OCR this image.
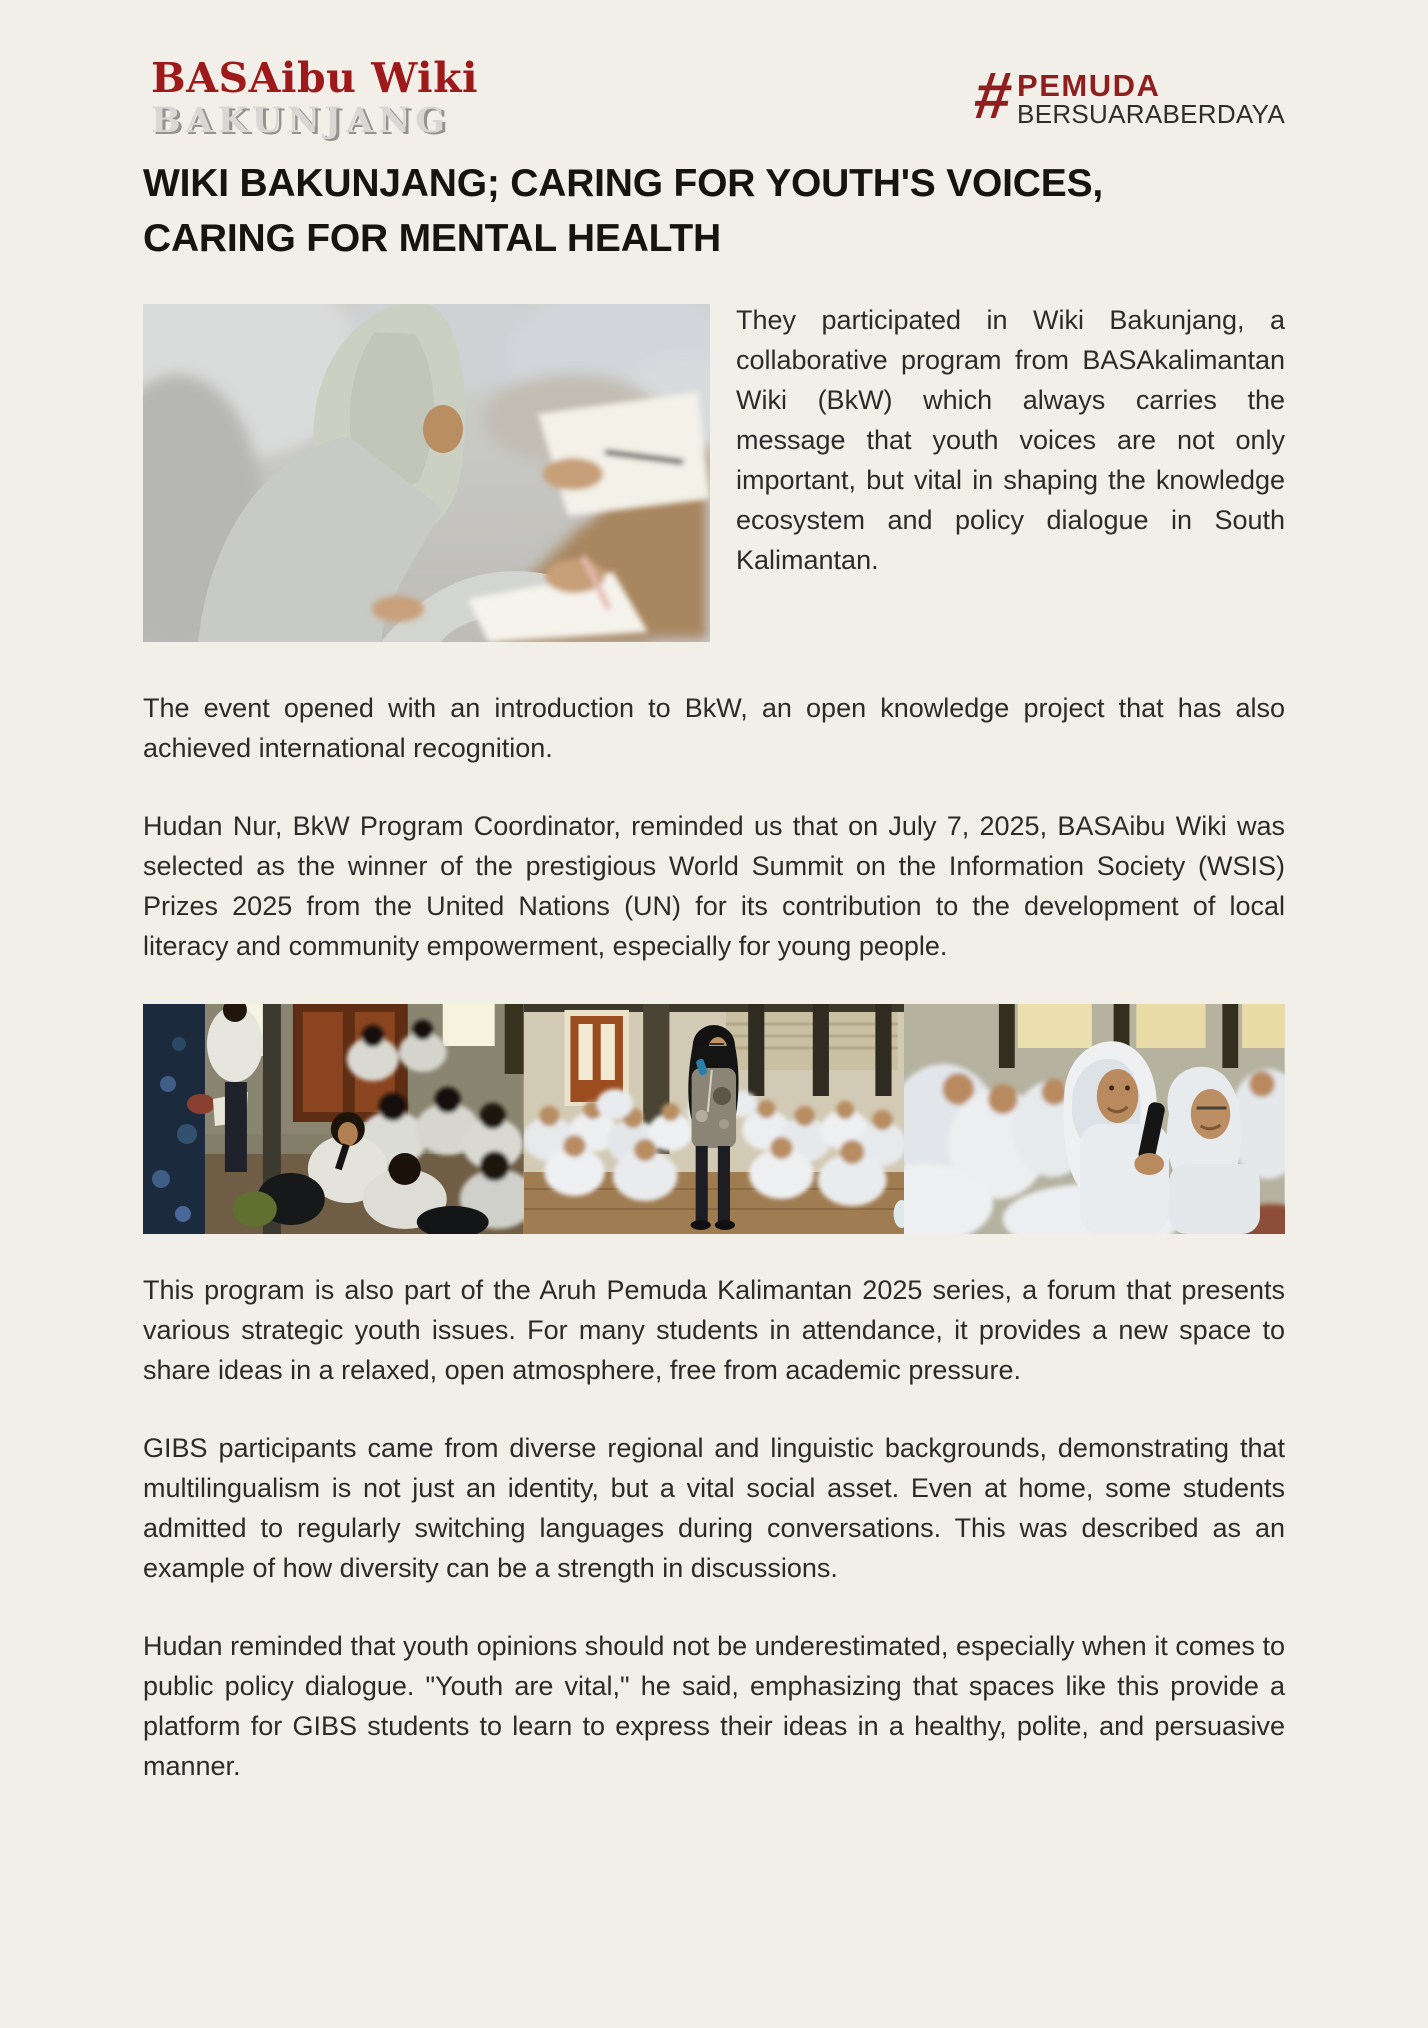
BASAibu Wiki
BAKUNJANG	# PEMUDA
BERSUARABERDAYA
WIKI BAKUNJANG; CARING FOR YOUTH'S VOICES,
CARING FOR MENTAL HEALTH

They participated in Wiki Bakunjang, a collaborative program from BASAkalimantan Wiki (BkW) which always carries the message that youth voices are not only important, but vital in shaping the knowledge ecosystem and policy dialogue in South Kalimantan.

The event opened with an introduction to BkW, an open knowledge project that has also achieved international recognition.

Hudan Nur, BkW Program Coordinator, reminded us that on July 7, 2025, BASAibu Wiki was selected as the winner of the prestigious World Summit on the Information Society (WSIS) Prizes 2025 from the United Nations (UN) for its contribution to the development of local literacy and community empowerment, especially for young people.

This program is also part of the Aruh Pemuda Kalimantan 2025 series, a forum that presents various strategic youth issues. For many students in attendance, it provides a new space to share ideas in a relaxed, open atmosphere, free from academic pressure.

GIBS participants came from diverse regional and linguistic backgrounds, demonstrating that multilingualism is not just an identity, but a vital social asset. Even at home, some students admitted to regularly switching languages during conversations. This was described as an example of how diversity can be a strength in discussions.

Hudan reminded that youth opinions should not be underestimated, especially when it comes to public policy dialogue. "Youth are vital," he said, emphasizing that spaces like this provide a platform for GIBS students to learn to express their ideas in a healthy, polite, and persuasive manner.
